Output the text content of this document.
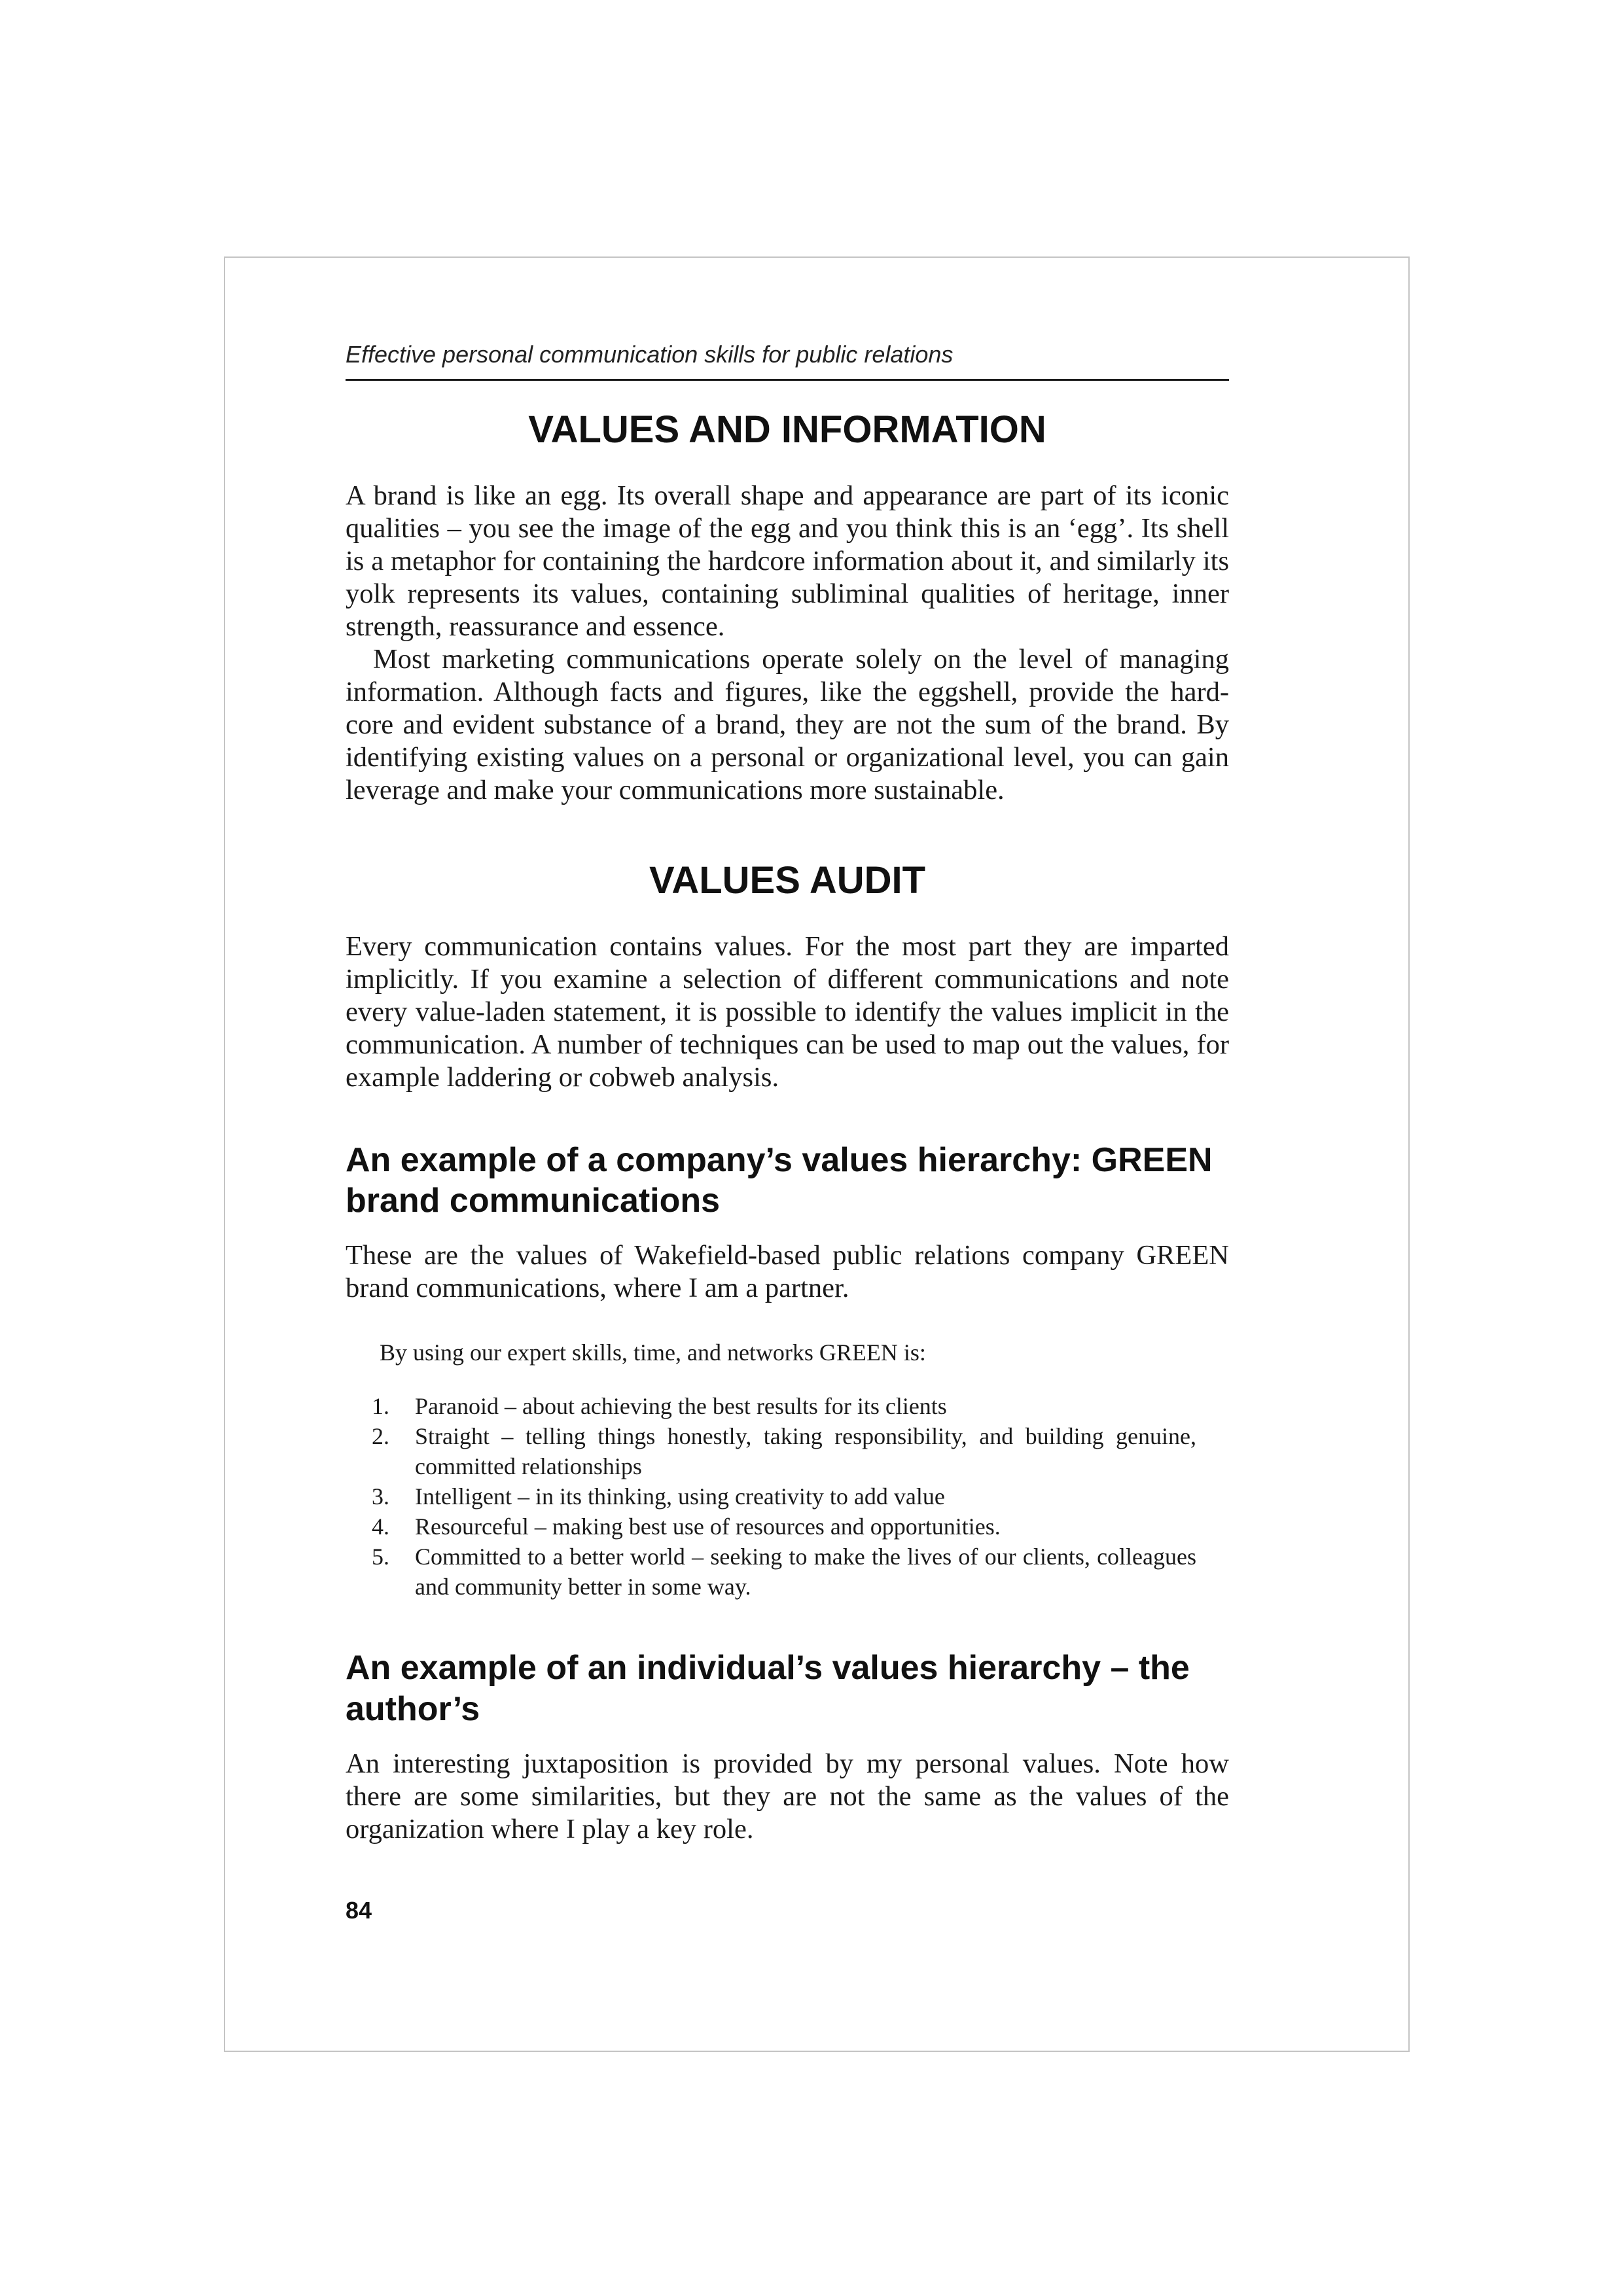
Effective personal communication skills for public relations
VALUES AND INFORMATION

A brand is like an egg. Its overall shape and appearance are part of its iconic qualities – you see the image of the egg and you think this is an ‘egg’. Its shell is a metaphor for containing the hardcore information about it, and similarly its yolk represents its values, containing subliminal qualities of heritage, inner strength, reassurance and essence.

Most marketing communications operate solely on the level of managing information. Although facts and figures, like the eggshell, provide the hard-core and evident substance of a brand, they are not the sum of the brand. By identifying existing values on a personal or organizational level, you can gain leverage and make your communications more sustainable.

VALUES AUDIT

Every communication contains values. For the most part they are imparted implicitly. If you examine a selection of different communications and note every value-laden statement, it is possible to identify the values implicit in the communication. A number of techniques can be used to map out the values, for example laddering or cobweb analysis.

An example of a company’s values hierarchy: GREEN brand communications

These are the values of Wakefield-based public relations company GREEN brand communications, where I am a partner.

By using our expert skills, time, and networks GREEN is:
1. Paranoid – about achieving the best results for its clients
2. Straight – telling things honestly, taking responsibility, and building genuine, committed relationships
3. Intelligent – in its thinking, using creativity to add value
4. Resourceful – making best use of resources and opportunities.
5. Committed to a better world – seeking to make the lives of our clients, colleagues and community better in some way.
An example of an individual’s values hierarchy – the author’s

An interesting juxtaposition is provided by my personal values. Note how there are some similarities, but they are not the same as the values of the organization where I play a key role.

84
